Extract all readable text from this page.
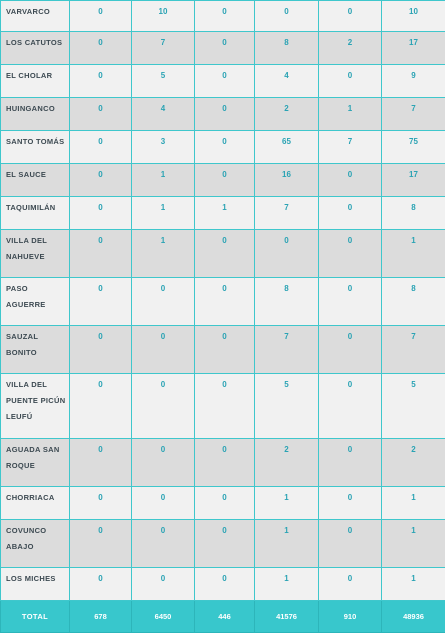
VARVARCO	0	10	0	0	0	10
LOS CATUTOS	0	7	0	8	2	17
EL CHOLAR	0	5	0	4	0	9
HUINGANCO	0	4	0	2	1	7
SANTO TOMÁS	0	3	0	65	7	75
EL SAUCE	0	1	0	16	0	17
TAQUIMILÁN	0	1	1	7	0	8
VILLA DEL NAHUEVE	0	1	0	0	0	1
PASO AGUERRE	0	0	0	8	0	8
SAUZAL BONITO	0	0	0	7	0	7
VILLA DEL PUENTE PICÚN LEUFÚ	0	0	0	5	0	5
AGUADA SAN ROQUE	0	0	0	2	0	2
CHORRIACA	0	0	0	1	0	1
COVUNCO ABAJO	0	0	0	1	0	1
LOS MICHES	0	0	0	1	0	1
TOTAL	678	6450	446	41576	910	48936
